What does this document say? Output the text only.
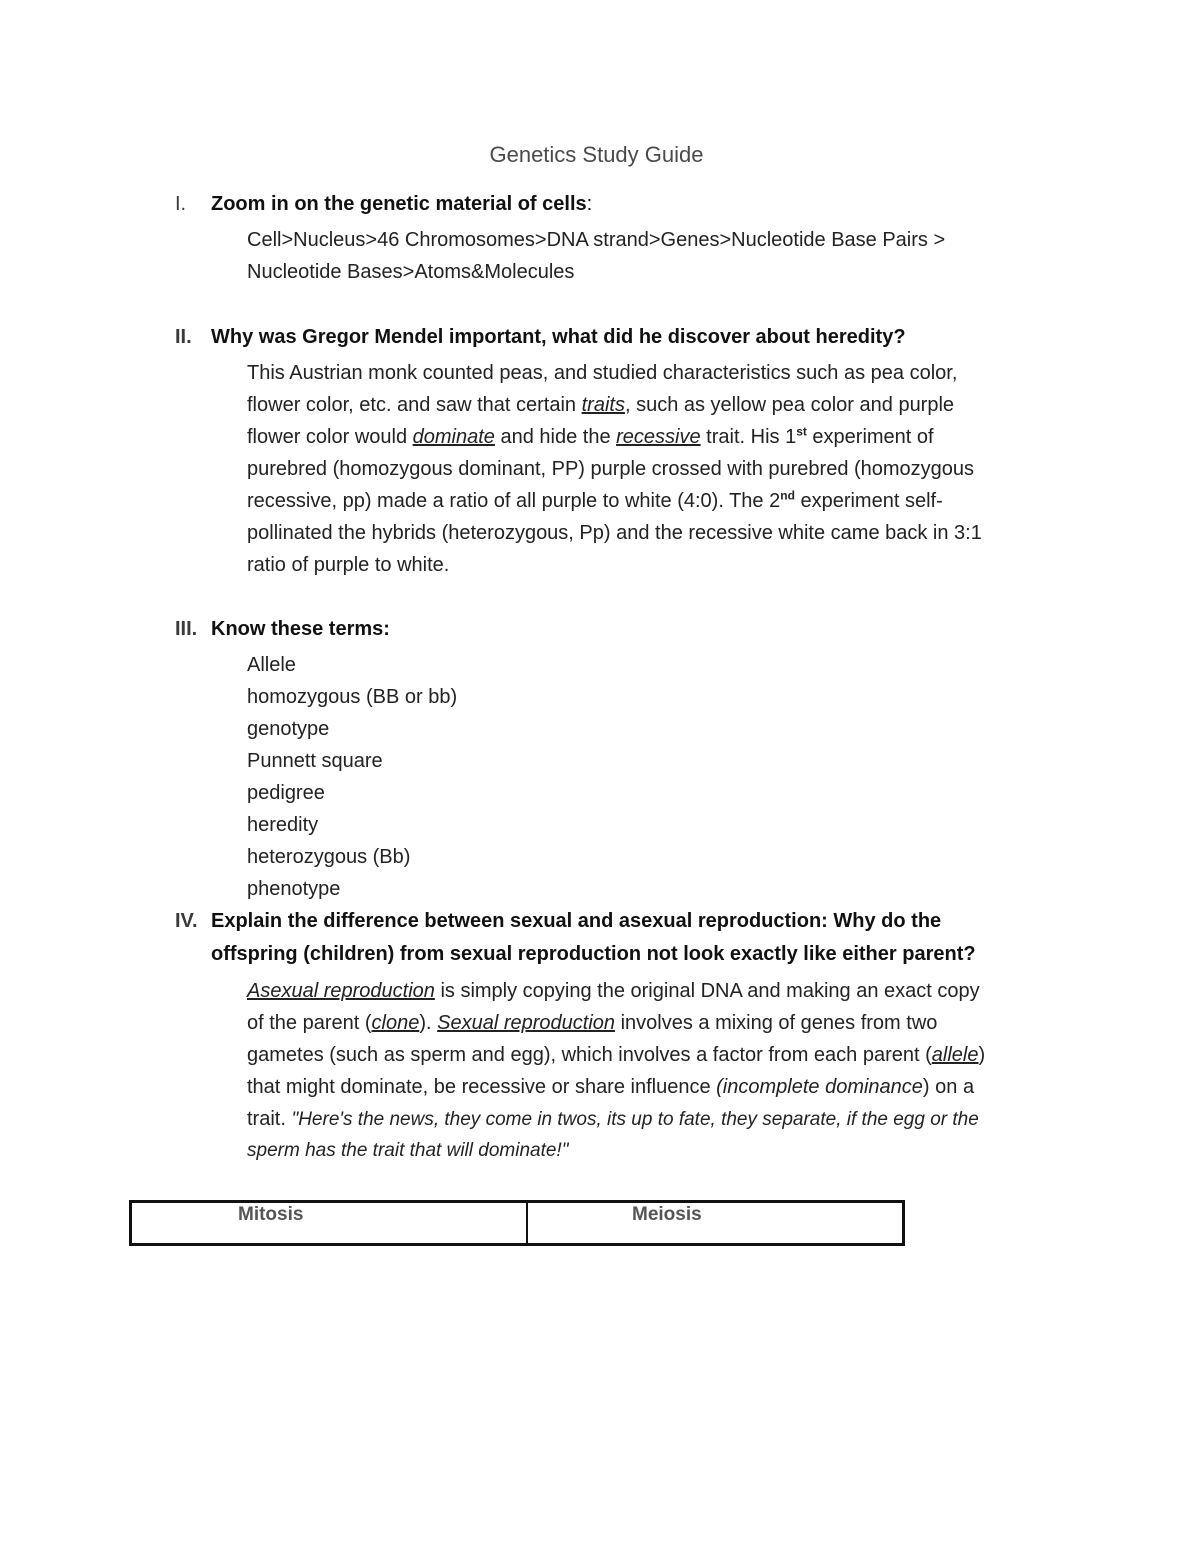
Genetics Study Guide
I. Zoom in on the genetic material of cells:
Cell>Nucleus>46 Chromosomes>DNA strand>Genes>Nucleotide Base Pairs >
Nucleotide Bases>Atoms&Molecules
II. Why was Gregor Mendel important, what did he discover about heredity?
This Austrian monk counted peas, and studied characteristics such as pea color,
flower color, etc. and saw that certain traits, such as yellow pea color and purple
flower color would dominate and hide the recessive trait. His 1st experiment of
purebred (homozygous dominant, PP) purple crossed with purebred (homozygous
recessive, pp) made a ratio of all purple to white (4:0). The 2nd experiment self-
pollinated the hybrids (heterozygous, Pp) and the recessive white came back in 3:1
ratio of purple to white.
III. Know these terms:
Allele
homozygous (BB or bb)
genotype
Punnett square
pedigree
heredity
heterozygous (Bb)
phenotype
IV. Explain the difference between sexual and asexual reproduction: Why do the
offspring (children) from sexual reproduction not look exactly like either parent?
Asexual reproduction is simply copying the original DNA and making an exact copy
of the parent (clone). Sexual reproduction involves a mixing of genes from two
gametes (such as sperm and egg), which involves a factor from each parent (allele)
that might dominate, be recessive or share influence (incomplete dominance) on a
trait. "Here's the news, they come in twos, its up to fate, they separate, if the egg or the
sperm has the trait that will dominate!"
Mitosis	Meiosis
